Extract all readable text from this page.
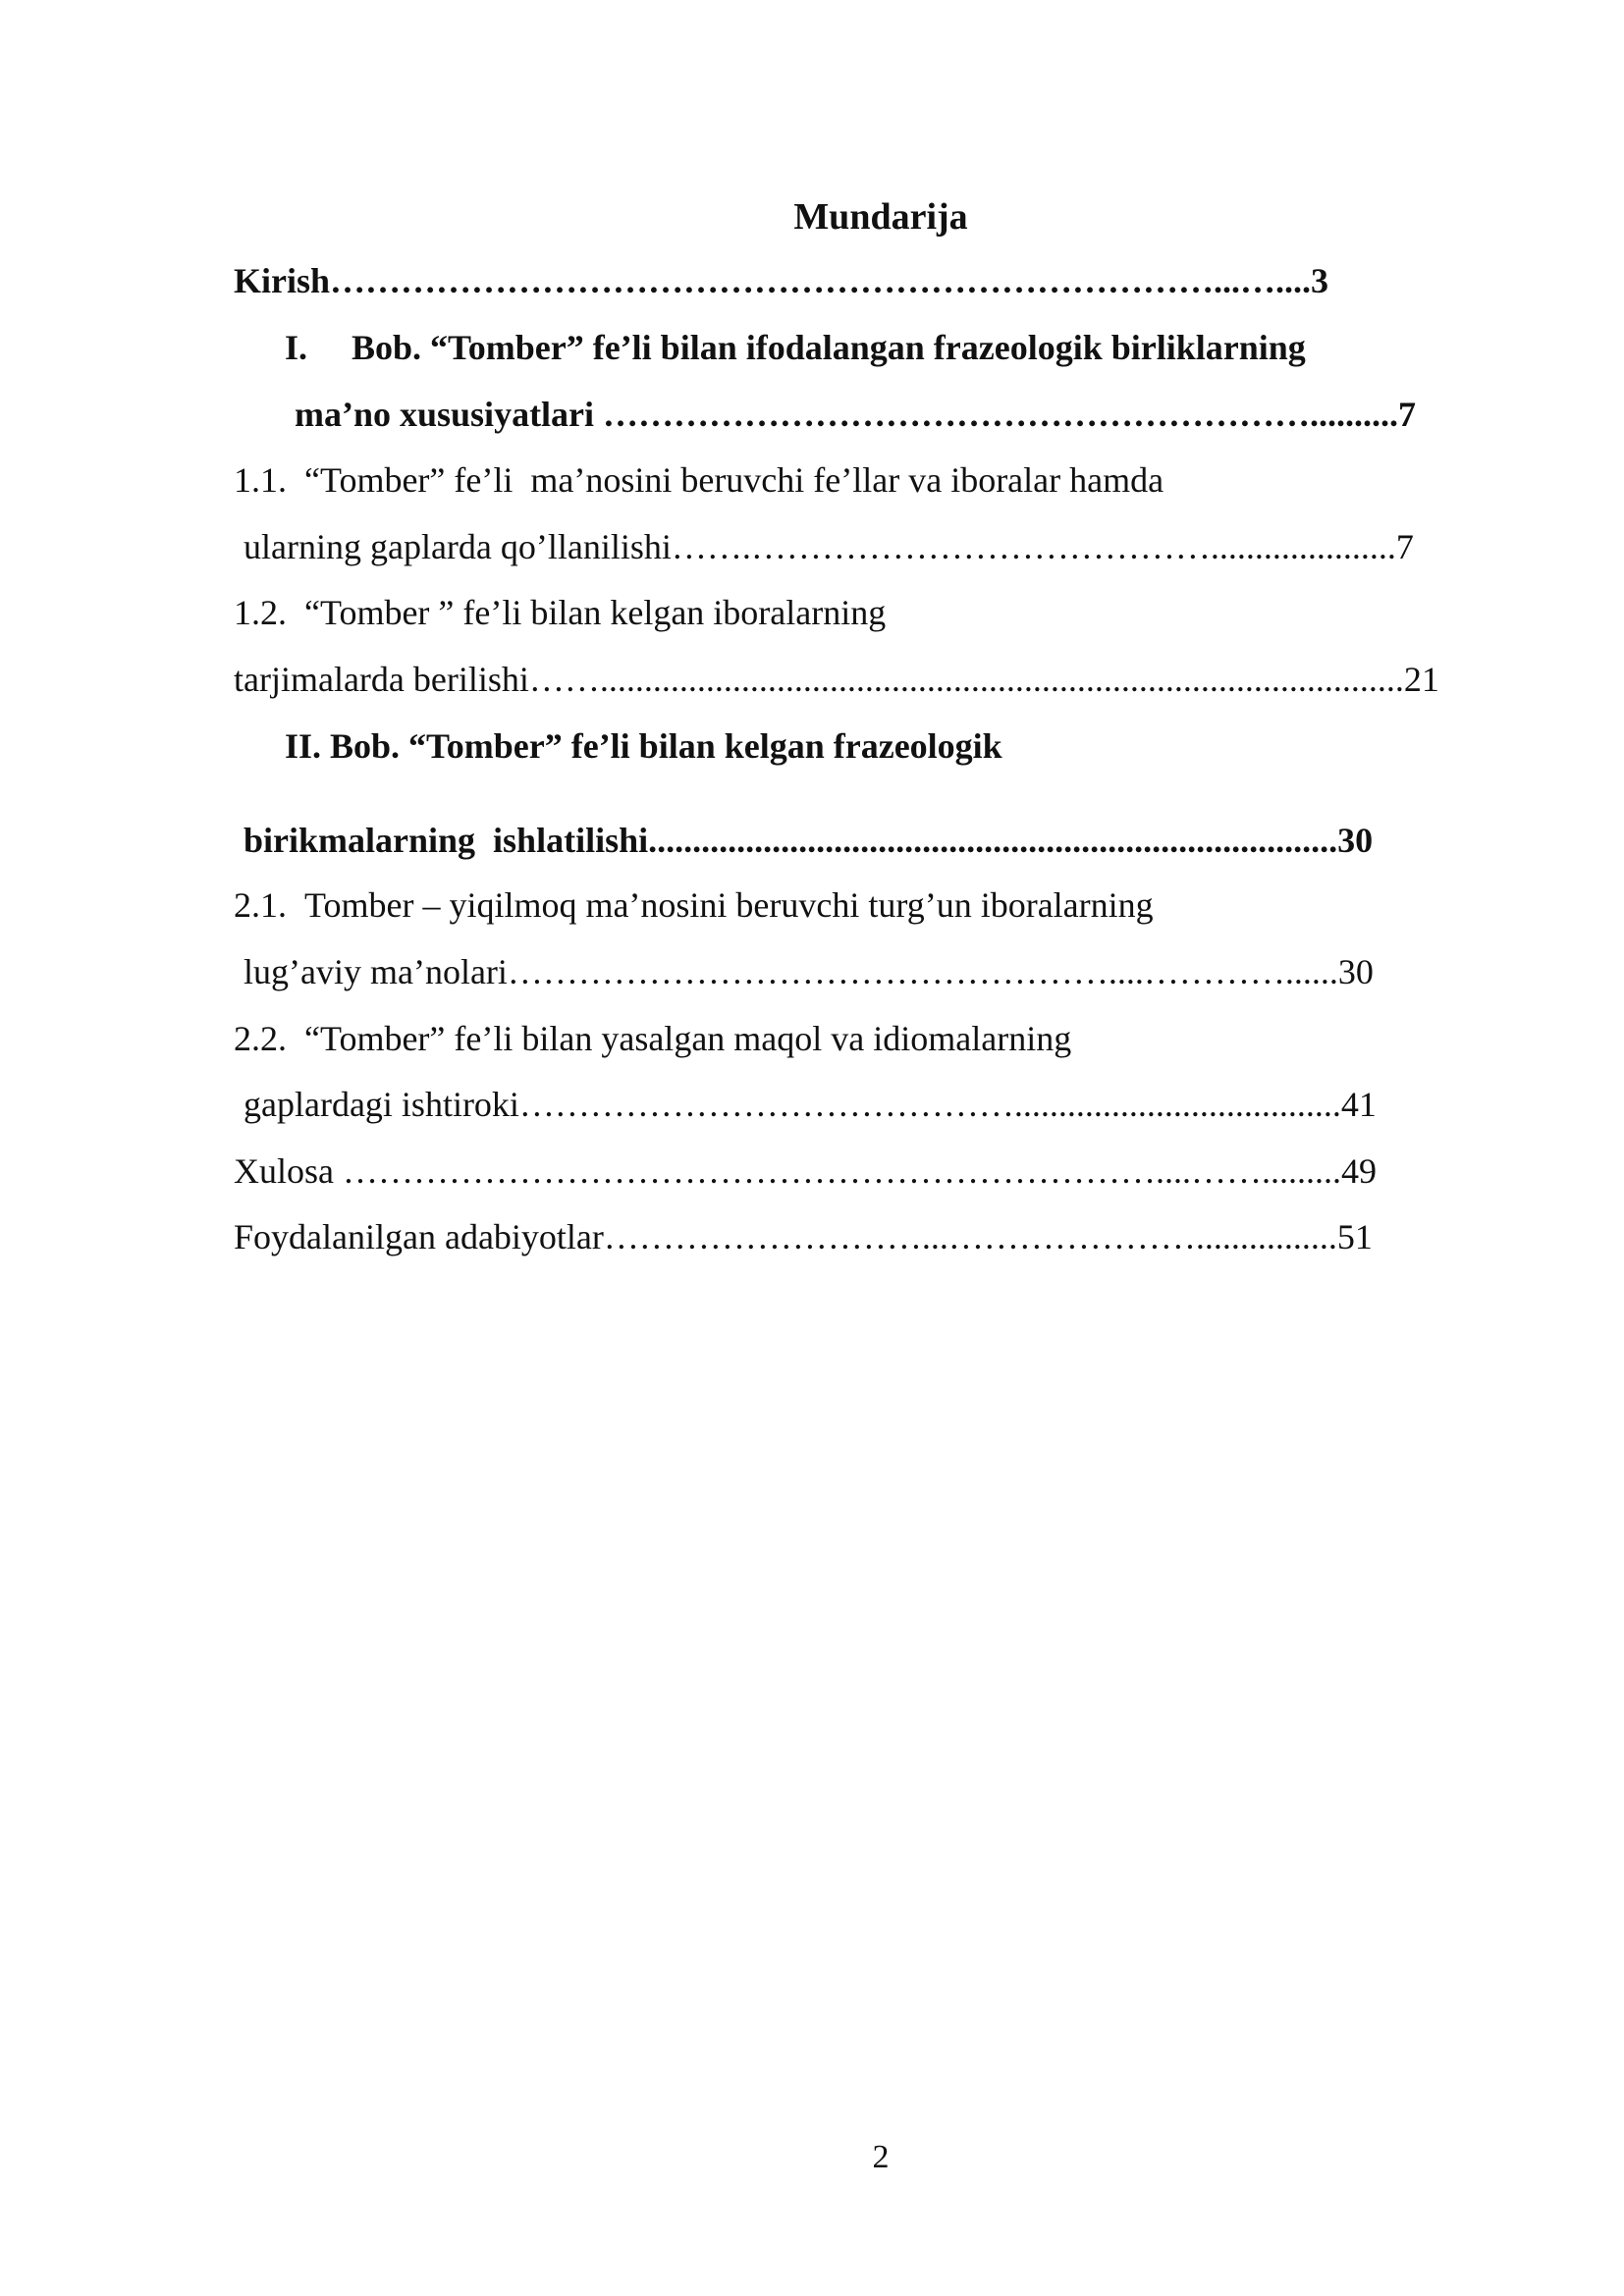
Mundarija
Kirish…………………………………………………………………...…....3
I.     Bob. “Tomber” fe’li bilan ifodalangan frazeologik birliklarning
ma’no xususiyatlari ……………………………………………………..........7
1.1.  “Tomber” fe’li  ma’nosini beruvchi fe’llar va iboralar hamda
ularning gaplarda qo’llanilishi…….………………………………….....................7
1.2.  “Tomber ” fe’li bilan kelgan iboralarning
tarjimalarda berilishi……...........................................................................................21
II. Bob. “Tomber” fe’li bilan kelgan frazeologik
birikmalarning  ishlatilishi..............................................................................30
2.1.  Tomber – yiqilmoq ma’nosini beruvchi turg’un iboralarning
lug’aviy ma’nolari……………………………………………....…………......30
2.2.  “Tomber” fe’li bilan yasalgan maqol va idiomalarning
gaplardagi ishtiroki…………………………………….....................................41
Xulosa ……………………………………………………………....…….........49
Foydalanilgan adabiyotlar………………………...…………………................51
2
